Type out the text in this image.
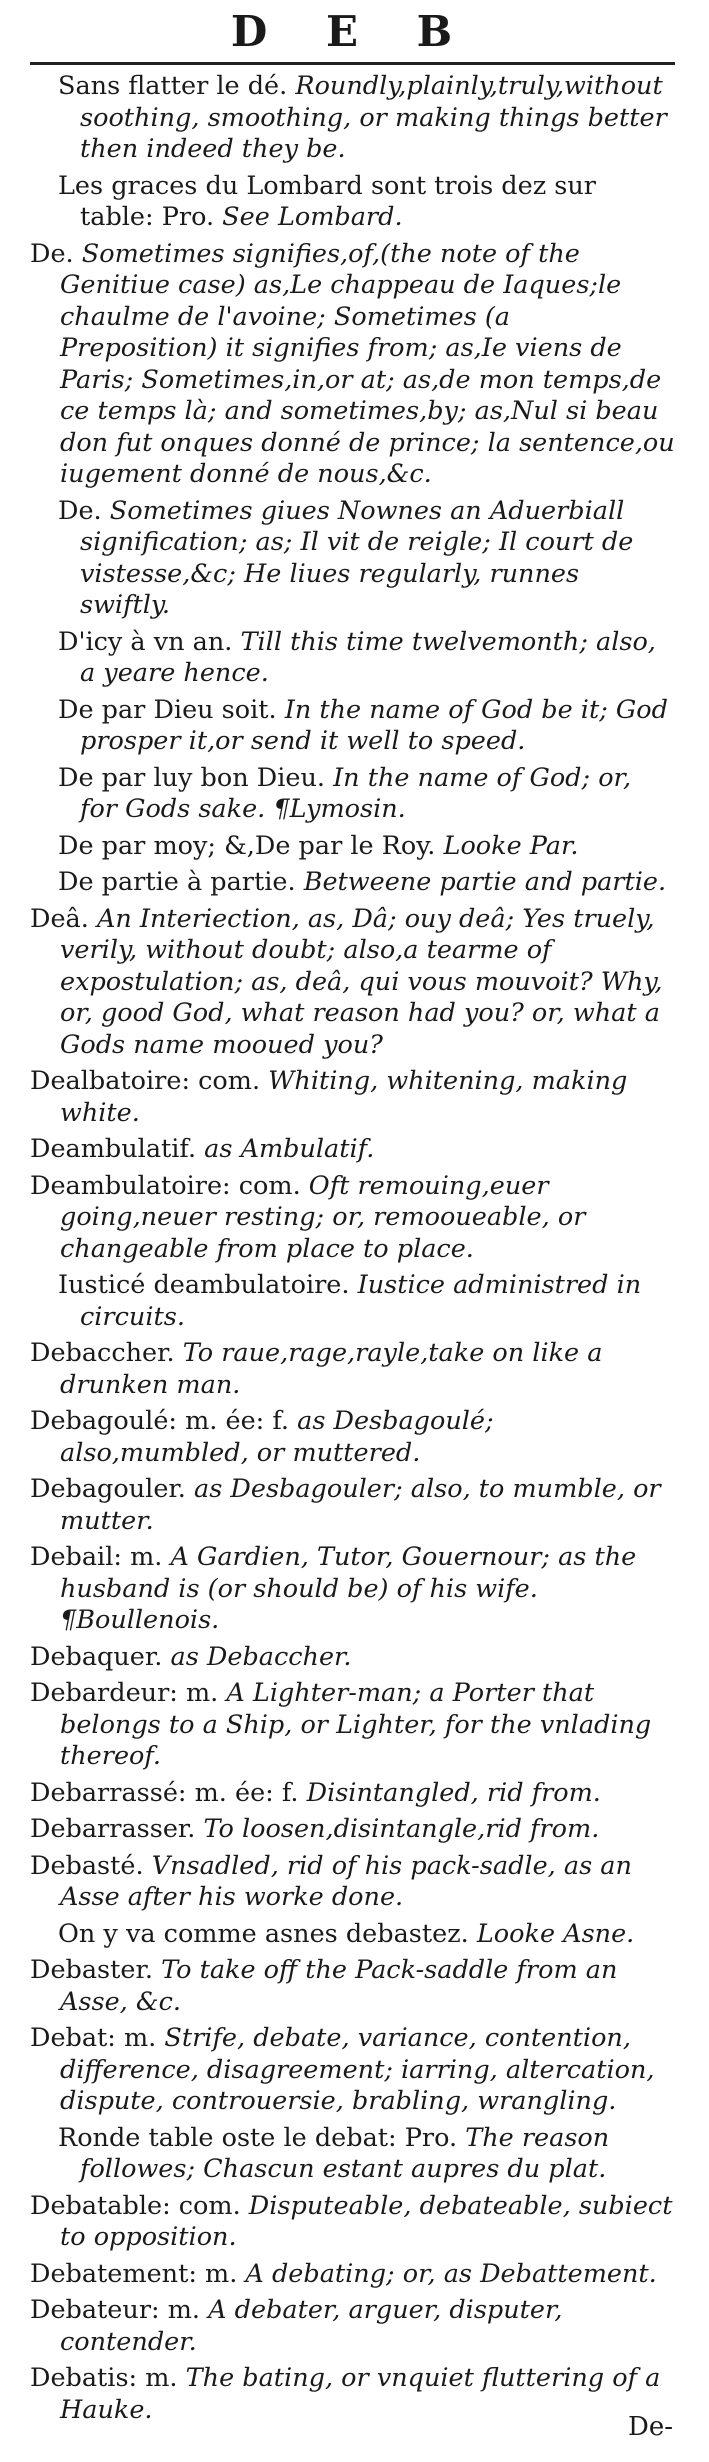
D E B
Sans flatter le dé. Roundly,plainly,truly,without soothing, smoothing, or making things better then indeed they be.
Les graces du Lombard sont trois dez sur table: Pro. See Lombard.
De. Sometimes signifies,of,(the note of the Genitiue case) as,Le chappeau de Iaques;le chaulme de l'avoine; Sometimes (a Preposition) it signifies from; as,Ie viens de Paris; Sometimes,in,or at; as,de mon temps,de ce temps là; and sometimes,by; as,Nul si beau don fut onques donné de prince; la sentence,ou iugement donné de nous,&c.
De. Sometimes giues Nownes an Aduerbiall signification; as; Il vit de reigle; Il court de vistesse,&c; He liues regularly, runnes swiftly.
D'icy à vn an. Till this time twelvemonth; also, a yeare hence.
De par Dieu soit. In the name of God be it; God prosper it,or send it well to speed.
De par luy bon Dieu. In the name of God; or, for Gods sake. ¶Lymosin.
De par moy; &,De par le Roy. Looke Par.
De partie à partie. Betweene partie and partie.
Deâ. An Interiection, as, Dâ; ouy deâ; Yes truely, verily, without doubt; also,a tearme of expostulation; as, deâ, qui vous mouvoit? Why, or, good God, what reason had you? or, what a Gods name mooued you?
Dealbatoire: com. Whiting, whitening, making white.
Deambulatif. as Ambulatif.
Deambulatoire: com. Oft remouing,euer going,neuer resting; or, remooueable, or changeable from place to place.
Iusticé deambulatoire. Iustice administred in circuits.
Debaccher. To raue,rage,rayle,take on like a drunken man.
Debagoulé: m. ée: f. as Desbagoulé; also,mumbled, or muttered.
Debagouler. as Desbagouler; also, to mumble, or mutter.
Debail: m. A Gardien, Tutor, Gouernour; as the husband is (or should be) of his wife. ¶Boullenois.
Debaquer. as Debaccher.
Debardeur: m. A Lighter-man; a Porter that belongs to a Ship, or Lighter, for the vnlading thereof.
Debarrassé: m. ée: f. Disintangled, rid from.
Debarrasser. To loosen,disintangle,rid from.
Debasté. Vnsadled, rid of his pack-sadle, as an Asse after his worke done.
On y va comme asnes debastez. Looke Asne.
Debaster. To take off the Pack-saddle from an Asse, &c.
Debat: m. Strife, debate, variance, contention, difference, disagreement; iarring, altercation, dispute, controuersie, brabling, wrangling.
Ronde table oste le debat: Pro. The reason followes; Chascun estant aupres du plat.
Debatable: com. Disputeable, debateable, subiect to opposition.
Debatement: m. A debating; or, as Debattement.
Debateur: m. A debater, arguer, disputer, contender.
Debatis: m. The bating, or vnquiet fluttering of a Hauke.
De-
